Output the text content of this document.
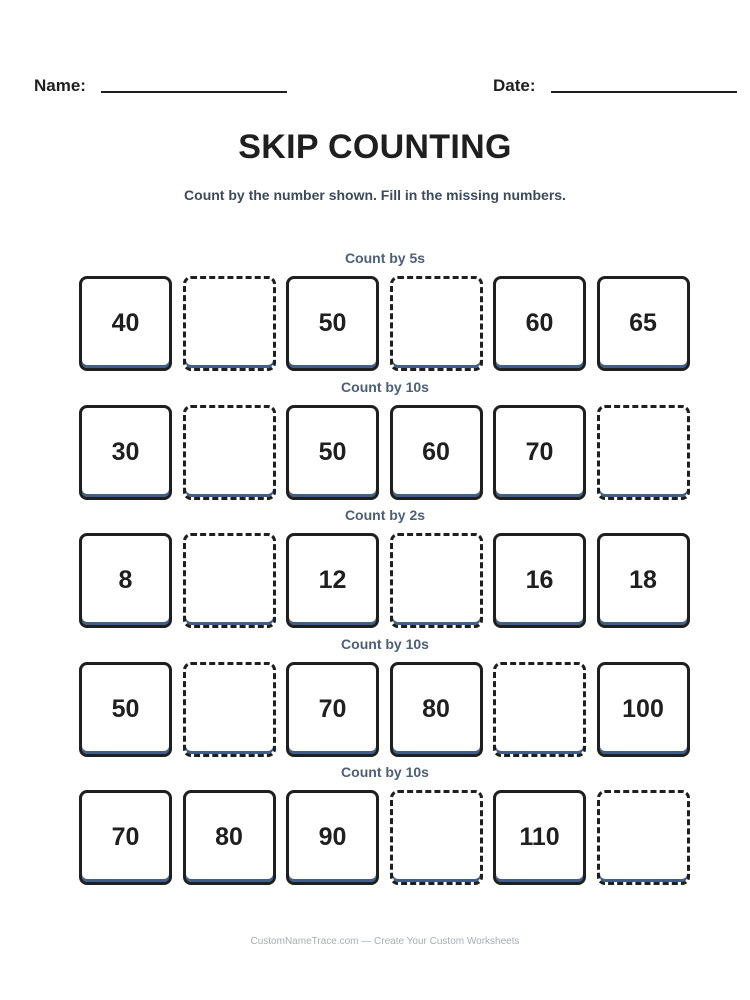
Name:	Date:
SKIP COUNTING
Count by the number shown. Fill in the missing numbers.
Count by 5s
40	50	60	65
Count by 10s
30	50	60	70
Count by 2s
8	12	16	18
Count by 10s
50	70	80	100
Count by 10s
70	80	90	110
CustomNameTrace.com — Create Your Custom Worksheets
